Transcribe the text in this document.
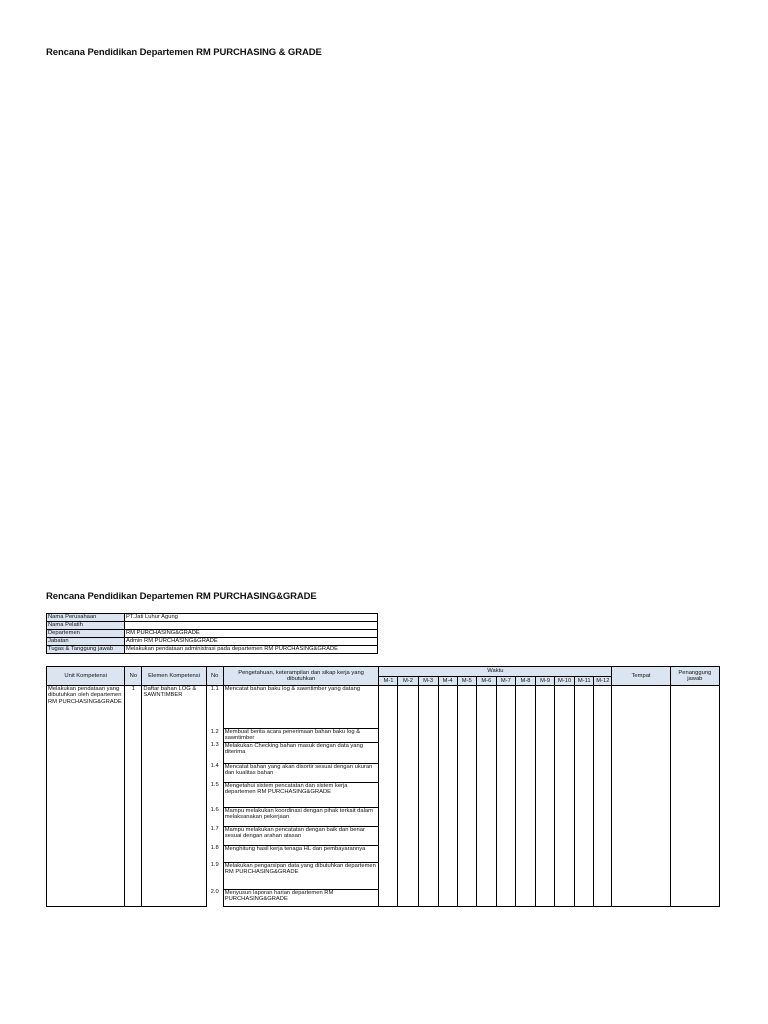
Rencana Pendidikan Departemen RM PURCHASING & GRADE
Rencana Pendidikan Departemen RM PURCHASING&GRADE
Nama Perusahaan	PT.Jati Luhur Agung
Nama Pelatih	
Departemen	RM PURCHASING&GRADE
Jabatan	Admin RM PURCHASING&GRADE
Tugas & Tanggung jawab	Melakukan pendataan administrasi pada departemen RM PURCHASING&GRADE
Unit Kompetensi	No	Elemen Kompetensi	No	Pengetahuan, keterampilan dan sikap kerja yang dibutuhkan	Waktu												Tempat	Penanggung jawab
					M-1	M-2	M-3	M-4	M-5	M-6	M-7	M-8	M-9	M-10	M-11	M-12		
Melakukan pendataan yang dibutuhkan oleh departemen RM PURCHASING&GRADE	1	Daftar bahan LOG & SAWNTIMBER	1.1	Mencatat bahan baku log & sawntimber yang datang														
			1.2	Membuat berita acara penerimaan bahan baku log & sawntimber														
			1.3	Melakukan Checking bahan masuk dengan data yang diterima														
			1.4	Mencatat bahan yang akan disortir sesuai dengan ukuran dan kualitas bahan														
			1.5	Mengetahui sistem pencatatan dan sistem kerja departemen RM PURCHASING&GRADE														
			1.6	Mampu melakukan koordinasi dengan pihak terkait dalam melaksanakan pekerjaan														
			1.7	Mampu melakukan pencatatan dengan baik dan benar sesuai dengan arahan atasan														
			1.8	Menghitung hasil kerja tenaga HL dan pembayarannya														
			1.9	Melakukan pengarsipan data yang dibutuhkan departemen RM PURCHASING&GRADE														
			2.0	Menyusun laporan harian departemen RM PURCHASING&GRADE														
